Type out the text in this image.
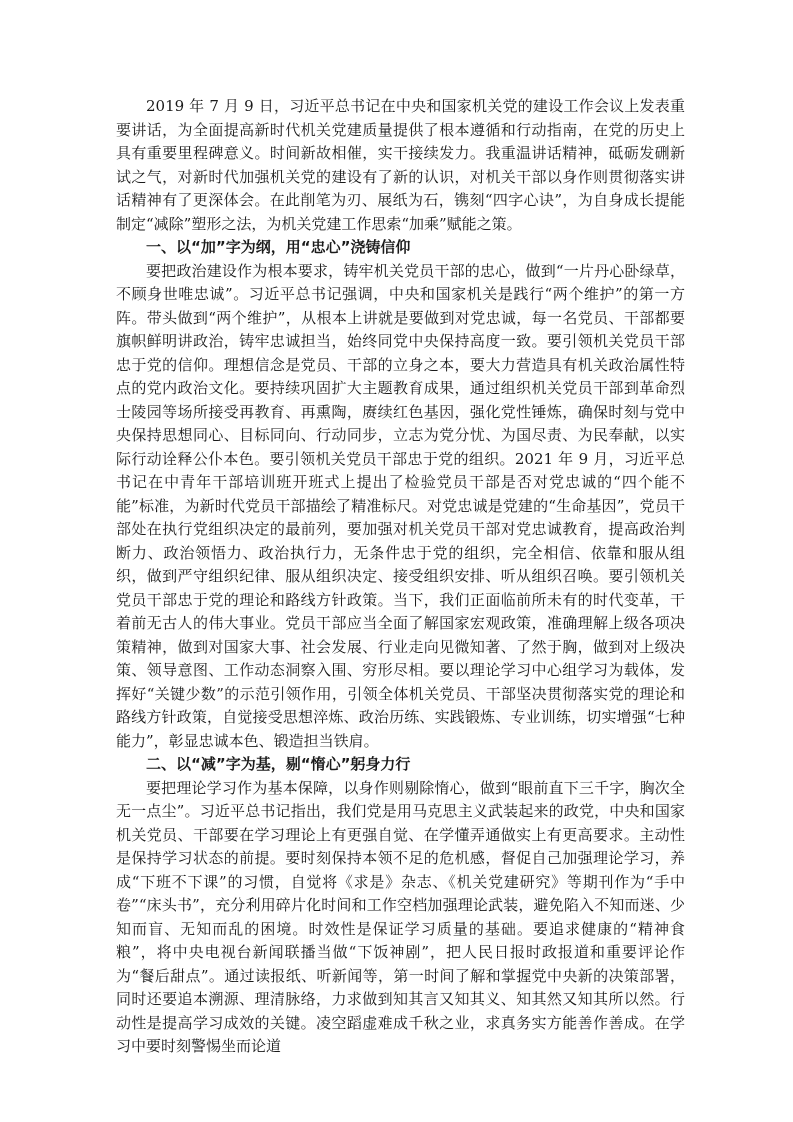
2019 年 7 月 9 日，习近平总书记在中央和国家机关党的建设工作会议上发表重要讲话，为全面提高新时代机关党建质量提供了根本遵循和行动指南，在党的历史上具有重要里程碑意义。时间新故相催，实干接续发力。我重温讲话精神，砥砺发硎新试之气，对新时代加强机关党的建设有了新的认识，对机关干部以身作则贯彻落实讲话精神有了更深体会。在此削笔为刃、展纸为石，镌刻“四字心诀”，为自身成长提能制定“减除”塑形之法，为机关党建工作思索“加乘”赋能之策。

一、以“加”字为纲，用“忠心”浇铸信仰

要把政治建设作为根本要求，铸牢机关党员干部的忠心，做到“一片丹心卧绿草，不顾身世唯忠诚”。习近平总书记强调，中央和国家机关是践行“两个维护”的第一方阵。带头做到“两个维护”，从根本上讲就是要做到对党忠诚，每一名党员、干部都要旗帜鲜明讲政治，铸牢忠诚担当，始终同党中央保持高度一致。要引领机关党员干部忠于党的信仰。理想信念是党员、干部的立身之本，要大力营造具有机关政治属性特点的党内政治文化。要持续巩固扩大主题教育成果，通过组织机关党员干部到革命烈士陵园等场所接受再教育、再熏陶，赓续红色基因，强化党性锤炼，确保时刻与党中央保持思想同心、目标同向、行动同步，立志为党分忧、为国尽责、为民奉献，以实际行动诠释公仆本色。要引领机关党员干部忠于党的组织。2021 年 9 月，习近平总书记在中青年干部培训班开班式上提出了检验党员干部是否对党忠诚的“四个能不能”标准，为新时代党员干部描绘了精准标尺。对党忠诚是党建的“生命基因”，党员干部处在执行党组织决定的最前列，要加强对机关党员干部对党忠诚教育，提高政治判断力、政治领悟力、政治执行力，无条件忠于党的组织，完全相信、依靠和服从组织，做到严守组织纪律、服从组织决定、接受组织安排、听从组织召唤。要引领机关党员干部忠于党的理论和路线方针政策。当下，我们正面临前所未有的时代变革，干着前无古人的伟大事业。党员干部应当全面了解国家宏观政策，准确理解上级各项决策精神，做到对国家大事、社会发展、行业走向见微知著、了然于胸，做到对上级决策、领导意图、工作动态洞察入围、穷形尽相。要以理论学习中心组学习为载体，发挥好“关键少数”的示范引领作用，引领全体机关党员、干部坚决贯彻落实党的理论和路线方针政策，自觉接受思想淬炼、政治历练、实践锻炼、专业训练，切实增强“七种能力”，彰显忠诚本色、锻造担当铁肩。

二、以“减”字为基，剔“惰心”躬身力行

要把理论学习作为基本保障，以身作则剔除惰心，做到“眼前直下三千字，胸次全无一点尘”。习近平总书记指出，我们党是用马克思主义武装起来的政党，中央和国家机关党员、干部要在学习理论上有更强自觉、在学懂弄通做实上有更高要求。主动性是保持学习状态的前提。要时刻保持本领不足的危机感，督促自己加强理论学习，养成“下班不下课”的习惯，自觉将《求是》杂志、《机关党建研究》等期刊作为“手中卷”“床头书”，充分利用碎片化时间和工作空档加强理论武装，避免陷入不知而迷、少知而盲、无知而乱的困境。时效性是保证学习质量的基础。要追求健康的“精神食粮”，将中央电视台新闻联播当做“下饭神剧”，把人民日报时政报道和重要评论作为“餐后甜点”。通过读报纸、听新闻等，第一时间了解和掌握党中央新的决策部署，同时还要追本溯源、理清脉络，力求做到知其言又知其义、知其然又知其所以然。行动性是提高学习成效的关键。凌空蹈虚难成千秋之业，求真务实方能善作善成。在学习中要时刻警惕坐而论道
